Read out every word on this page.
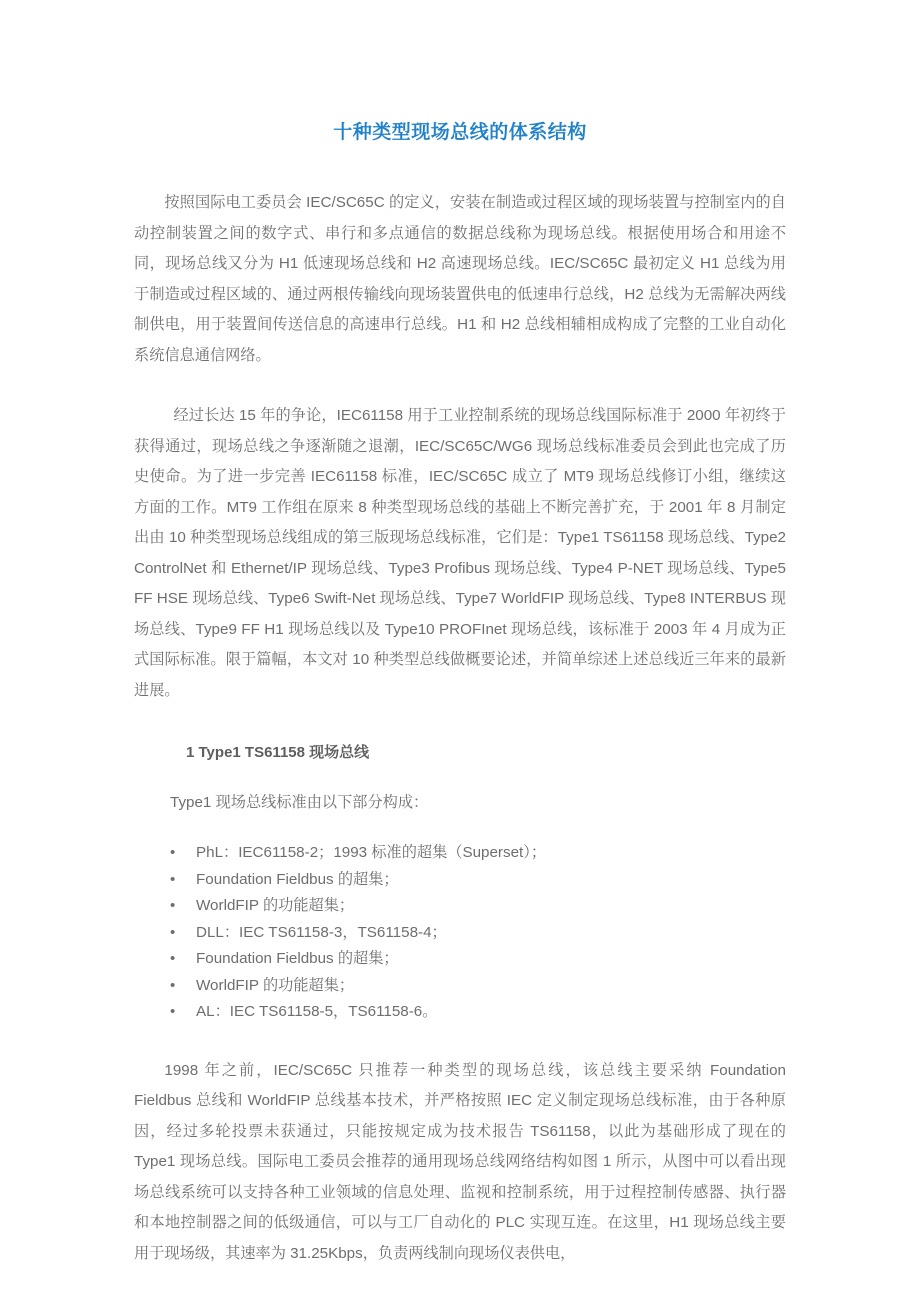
十种类型现场总线的体系结构

按照国际电工委员会 IEC/SC65C 的定义，安装在制造或过程区域的现场装置与控制室内的自动控制装置之间的数字式、串行和多点通信的数据总线称为现场总线。根据使用场合和用途不同，现场总线又分为 H1 低速现场总线和 H2 高速现场总线。IEC/SC65C 最初定义 H1 总线为用于制造或过程区域的、通过两根传输线向现场装置供电的低速串行总线，H2 总线为无需解决两线制供电，用于装置间传送信息的高速串行总线。H1 和 H2 总线相辅相成构成了完整的工业自动化系统信息通信网络。

经过长达 15 年的争论，IEC61158 用于工业控制系统的现场总线国际标准于 2000 年初终于获得通过，现场总线之争逐渐随之退潮，IEC/SC65C/WG6 现场总线标准委员会到此也完成了历史使命。为了进一步完善 IEC61158 标准，IEC/SC65C 成立了 MT9 现场总线修订小组，继续这方面的工作。MT9 工作组在原来 8 种类型现场总线的基础上不断完善扩充，于 2001 年 8 月制定出由 10 种类型现场总线组成的第三版现场总线标准，它们是：Type1 TS61158 现场总线、Type2 ControlNet 和 Ethernet/IP 现场总线、Type3 Profibus 现场总线、Type4 P-NET 现场总线、Type5 FF HSE 现场总线、Type6 Swift-Net 现场总线、Type7 WorldFIP 现场总线、Type8 INTERBUS 现场总线、Type9 FF H1 现场总线以及 Type10 PROFInet 现场总线，该标准于 2003 年 4 月成为正式国际标准。限于篇幅，本文对 10 种类型总线做概要论述，并简单综述上述总线近三年来的最新进展。

1 Type1 TS61158 现场总线

Type1 现场总线标准由以下部分构成：

•	PhL：IEC61158-2；1993 标准的超集（Superset）；
•	Foundation Fieldbus 的超集；
•	WorldFIP 的功能超集；
•	DLL：IEC TS61158-3，TS61158-4；
•	Foundation Fieldbus 的超集；
•	WorldFIP 的功能超集；
•	AL：IEC TS61158-5，TS61158-6。

1998 年之前，IEC/SC65C 只推荐一种类型的现场总线，该总线主要采纳 Foundation Fieldbus 总线和 WorldFIP 总线基本技术，并严格按照 IEC 定义制定现场总线标准，由于各种原因，经过多轮投票未获通过，只能按规定成为技术报告 TS61158，以此为基础形成了现在的 Type1 现场总线。国际电工委员会推荐的通用现场总线网络结构如图 1 所示，从图中可以看出现场总线系统可以支持各种工业领域的信息处理、监视和控制系统，用于过程控制传感器、执行器和本地控制器之间的低级通信，可以与工厂自动化的 PLC 实现互连。在这里，H1 现场总线主要用于现场级，其速率为 31.25Kbps，负责两线制向现场仪表供电，
